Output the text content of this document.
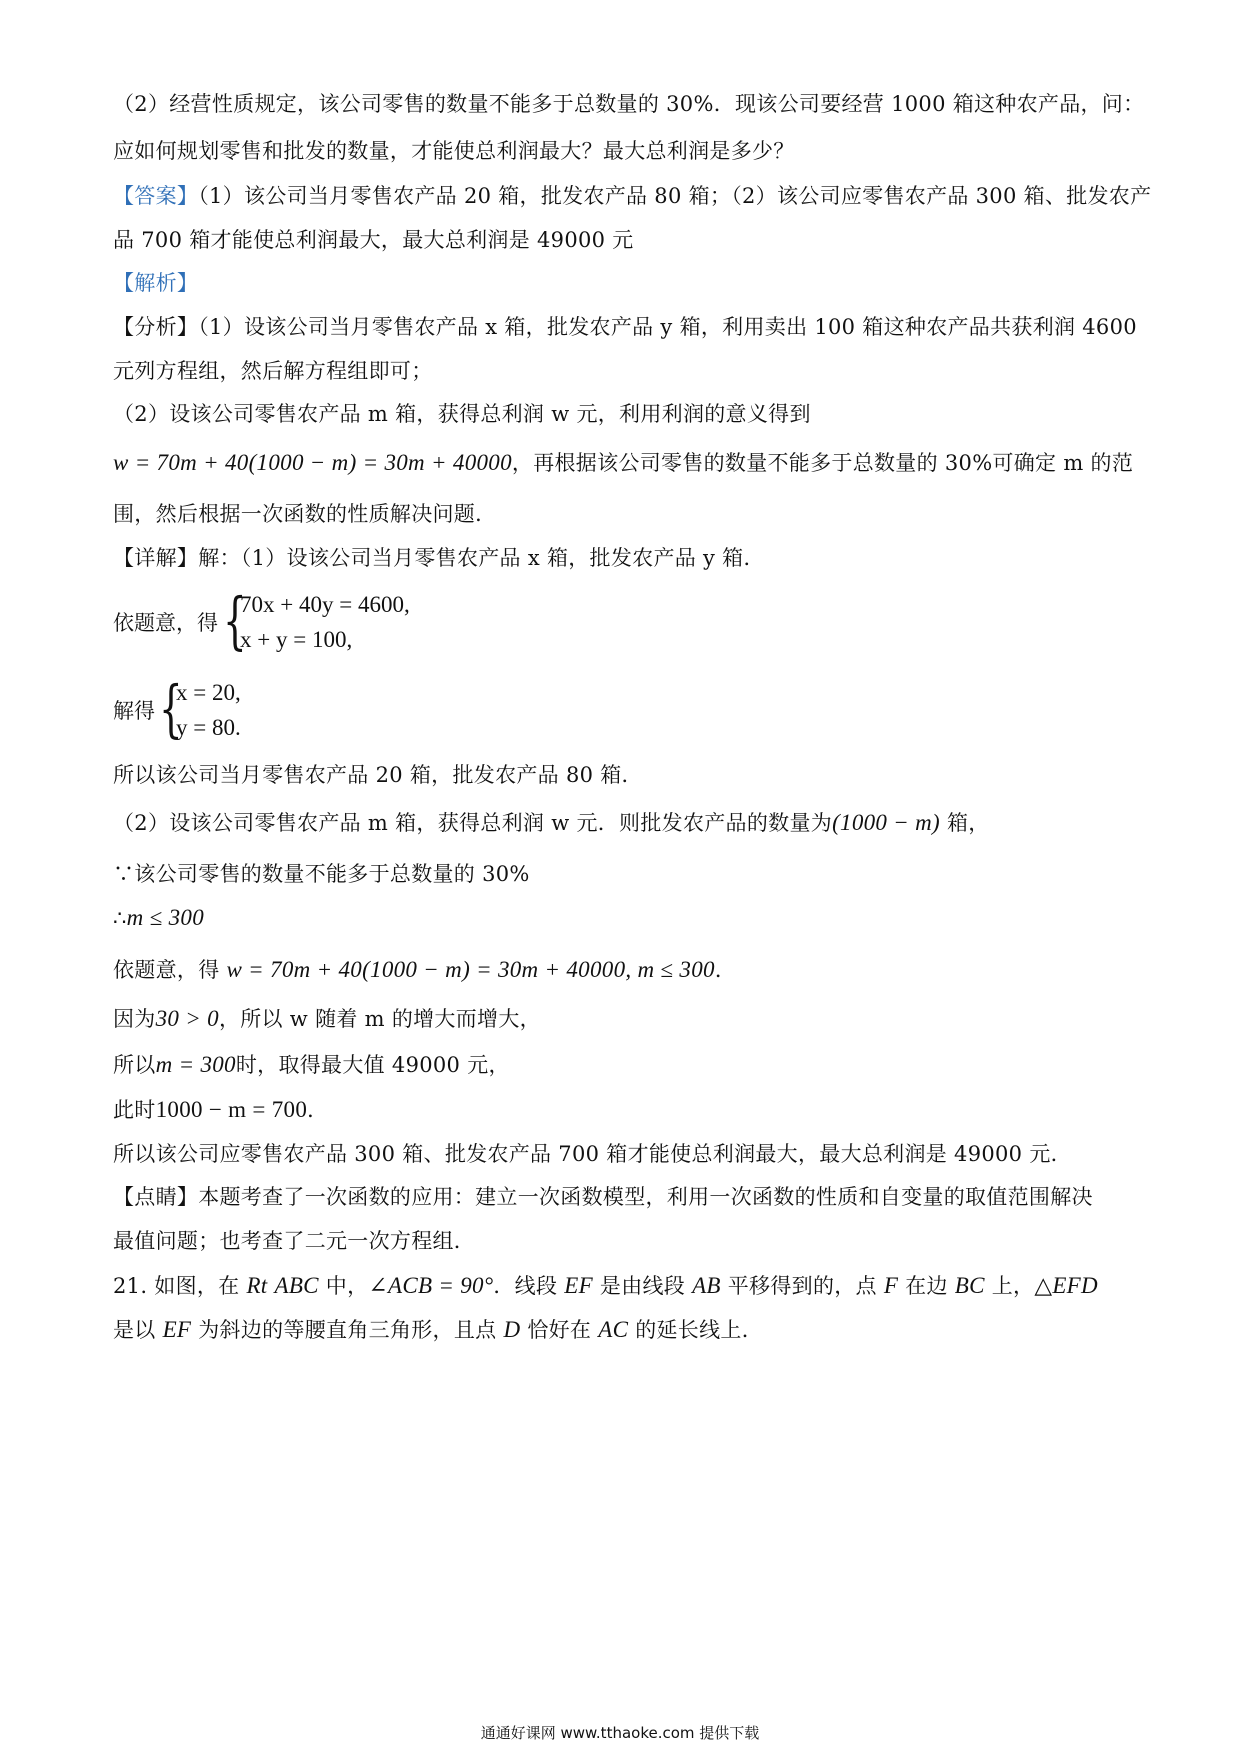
（2）经营性质规定，该公司零售的数量不能多于总数量的 30%．现该公司要经营 1000 箱这种农产品，问：
应如何规划零售和批发的数量，才能使总利润最大？最大总利润是多少？
【答案】（1）该公司当月零售农产品 20 箱，批发农产品 80 箱；（2）该公司应零售农产品 300 箱、批发农产
品 700 箱才能使总利润最大，最大总利润是 49000 元
【解析】
【分析】（1）设该公司当月零售农产品 x 箱，批发农产品 y 箱，利用卖出 100 箱这种农产品共获利润 4600
元列方程组，然后解方程组即可；
（2）设该公司零售农产品 m 箱，获得总利润 w 元，利用利润的意义得到
w = 70m + 40(1000 − m) = 30m + 40000，再根据该公司零售的数量不能多于总数量的 30%可确定 m 的范
围，然后根据一次函数的性质解决问题．
【详解】解：（1）设该公司当月零售农产品 x 箱，批发农产品 y 箱．
依题意，得 {
70x + 40y = 4600,
x + y = 100,
解得 {
x = 20,
y = 80.
所以该公司当月零售农产品 20 箱，批发农产品 80 箱．
（2）设该公司零售农产品 m 箱，获得总利润 w 元．则批发农产品的数量为(1000 − m) 箱，
∵该公司零售的数量不能多于总数量的 30%
∴m ≤ 300
依题意，得 w = 70m + 40(1000 − m) = 30m + 40000, m ≤ 300．
因为30 > 0，所以 w 随着 m 的增大而增大，
所以m = 300时，取得最大值 49000 元，
此时1000 − m = 700．
所以该公司应零售农产品 300 箱、批发农产品 700 箱才能使总利润最大，最大总利润是 49000 元．
【点睛】本题考查了一次函数的应用：建立一次函数模型，利用一次函数的性质和自变量的取值范围解决
最值问题；也考查了二元一次方程组．
21. 如图，在 Rt ABC 中，∠ACB = 90°．线段 EF 是由线段 AB 平移得到的，点 F 在边 BC 上，△EFD
是以 EF 为斜边的等腰直角三角形，且点 D 恰好在 AC 的延长线上．
通通好课网 www.tthaoke.com 提供下载
